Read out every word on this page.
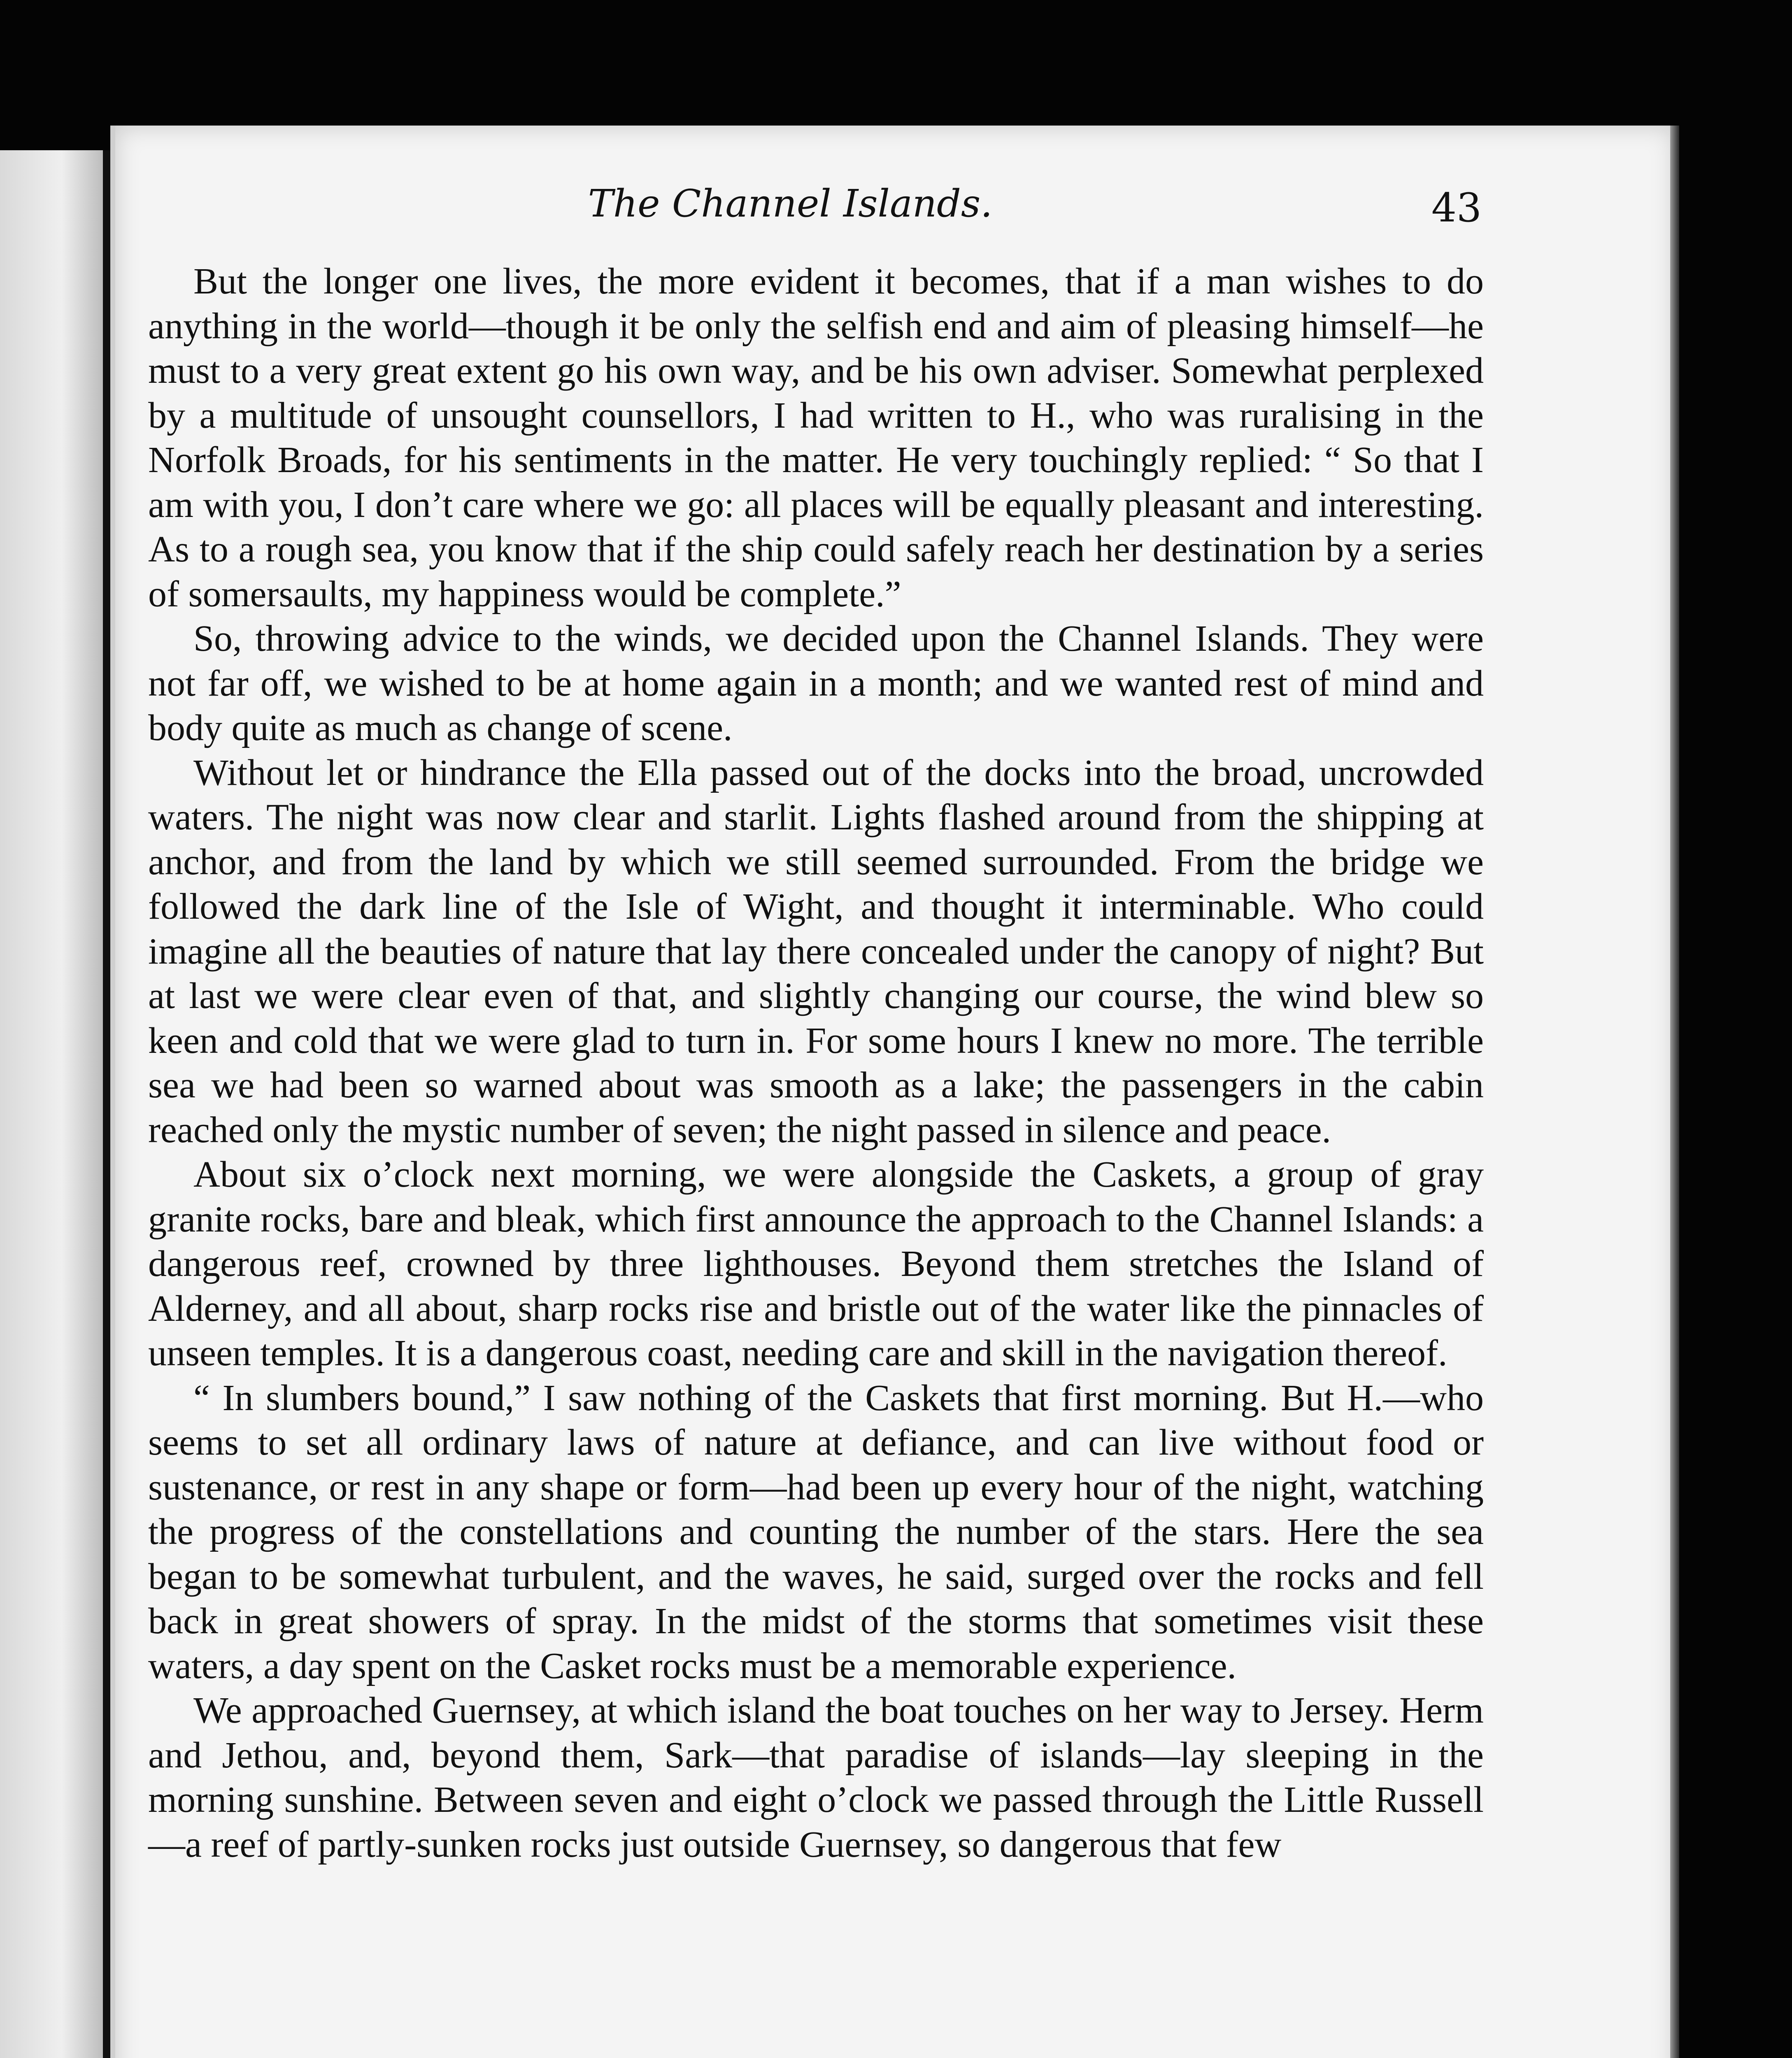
The Channel Islands.	43

But the longer one lives, the more evident it becomes, that if a man wishes to do anything in the world—though it be only the selfish end and aim of pleasing himself—he must to a very great extent go his own way, and be his own adviser. Somewhat perplexed by a multitude of unsought counsellors, I had written to H., who was ruralising in the Norfolk Broads, for his sentiments in the matter. He very touchingly replied: “ So that I am with you, I don’t care where we go: all places will be equally pleasant and interesting. As to a rough sea, you know that if the ship could safely reach her destination by a series of somersaults, my happiness would be complete.”

So, throwing advice to the winds, we decided upon the Channel Islands. They were not far off, we wished to be at home again in a month; and we wanted rest of mind and body quite as much as change of scene.

Without let or hindrance the Ella passed out of the docks into the broad, uncrowded waters. The night was now clear and starlit. Lights flashed around from the shipping at anchor, and from the land by which we still seemed surrounded. From the bridge we followed the dark line of the Isle of Wight, and thought it interminable. Who could imagine all the beauties of nature that lay there concealed under the canopy of night? But at last we were clear even of that, and slightly changing our course, the wind blew so keen and cold that we were glad to turn in. For some hours I knew no more. The terrible sea we had been so warned about was smooth as a lake; the passengers in the cabin reached only the mystic number of seven; the night passed in silence and peace.

About six o’clock next morning, we were alongside the Caskets, a group of gray granite rocks, bare and bleak, which first announce the approach to the Channel Islands: a dangerous reef, crowned by three lighthouses. Beyond them stretches the Island of Alderney, and all about, sharp rocks rise and bristle out of the water like the pinnacles of unseen temples. It is a dangerous coast, needing care and skill in the navigation thereof.

“ In slumbers bound,” I saw nothing of the Caskets that first morning. But H.—who seems to set all ordinary laws of nature at defiance, and can live without food or sustenance, or rest in any shape or form—had been up every hour of the night, watching the progress of the constellations and counting the number of the stars. Here the sea began to be somewhat turbulent, and the waves, he said, surged over the rocks and fell back in great showers of spray. In the midst of the storms that sometimes visit these waters, a day spent on the Casket rocks must be a memorable experience.

We approached Guernsey, at which island the boat touches on her way to Jersey. Herm and Jethou, and, beyond them, Sark—that paradise of islands—lay sleeping in the morning sunshine. Between seven and eight o’clock we passed through the Little Russell —a reef of partly-sunken rocks just outside Guernsey, so dangerous that few
